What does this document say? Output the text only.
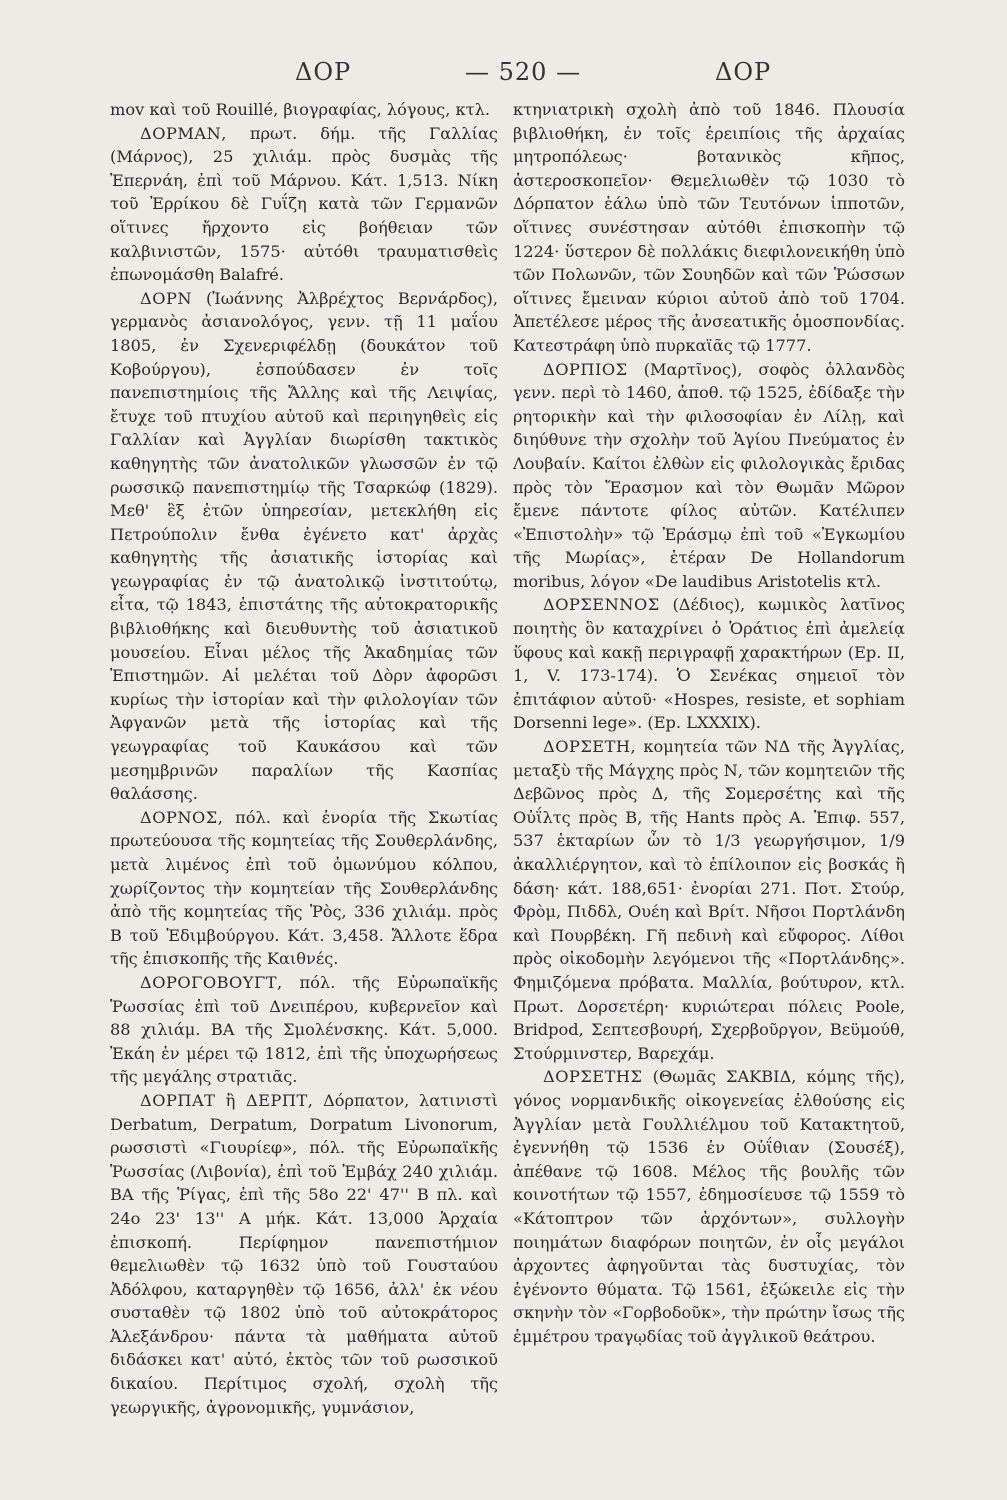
ΔΟΡ	— 520 —	ΔΟΡ

mov καὶ τοῦ Rouillé, βιογραφίας, λόγους, κτλ.

ΔΟΡΜΑΝ, πρωτ. δήμ. τῆς Γαλλίας (Μάρνος), 25 χιλιάμ. πρὸς δυσμὰς τῆς Ἐπερνάη, ἐπὶ τοῦ Μάρνου. Κάτ. 1,513. Νίκη τοῦ Ἐρρίκου δὲ Γυΐζη κατὰ τῶν Γερμανῶν οἵτινες ἤρχοντο εἰς βοήθειαν τῶν καλβινιστῶν, 1575· αὐτόθι τραυματισθεὶς ἐπωνομάσθη Balafré.

ΔΟΡΝ (Ἰωάννης Ἀλβρέχτος Βερνάρδος), γερμανὸς ἀσιανολόγος, γενν. τῇ 11 μαΐου 1805, ἐν Σχενεριφέλδῃ (δουκάτον τοῦ Κοβούργου), ἐσπούδασεν ἐν τοῖς πανεπιστημίοις τῆς Ἄλλης καὶ τῆς Λειψίας, ἔτυχε τοῦ πτυχίου αὐτοῦ καὶ περιηγηθεὶς εἰς Γαλλίαν καὶ Ἀγγλίαν διωρίσθη τακτικὸς καθηγητὴς τῶν ἀνατολικῶν γλωσσῶν ἐν τῷ ρωσσικῷ πανεπιστημίῳ τῆς Τσαρκώφ (1829). Μεθ' ἓξ ἐτῶν ὑπηρεσίαν, μετεκλήθη εἰς Πετρούπολιν ἔνθα ἐγένετο κατ' ἀρχὰς καθηγητὴς τῆς ἀσιατικῆς ἱστορίας καὶ γεωγραφίας ἐν τῷ ἀνατολικῷ ἰνστιτούτῳ, εἶτα, τῷ 1843, ἐπιστάτης τῆς αὐτοκρατορικῆς βιβλιοθήκης καὶ διευθυντὴς τοῦ ἀσιατικοῦ μουσείου. Εἶναι μέλος τῆς Ἀκαδημίας τῶν Ἐπιστημῶν. Αἱ μελέται τοῦ Δὸρν ἀφορῶσι κυρίως τὴν ἱστορίαν καὶ τὴν φιλολογίαν τῶν Ἀφγανῶν μετὰ τῆς ἱστορίας καὶ τῆς γεωγραφίας τοῦ Καυκάσου καὶ τῶν μεσημβρινῶν παραλίων τῆς Κασπίας θαλάσσης.

ΔΟΡΝΟΣ, πόλ. καὶ ἐνορία τῆς Σκωτίας πρωτεύουσα τῆς κομητείας τῆς Σουθερλάνδης, μετὰ λιμένος ἐπὶ τοῦ ὁμωνύμου κόλπου, χωρίζοντος τὴν κομητείαν τῆς Σουθερλάνδης ἀπὸ τῆς κομητείας τῆς Ῥὸς, 336 χιλιάμ. πρὸς Β τοῦ Ἐδιμβούργου. Κάτ. 3,458. Ἄλλοτε ἕδρα τῆς ἐπισκοπῆς τῆς Καιθνές.

ΔΟΡΟΓΟΒΟΥΓΤ, πόλ. τῆς Εὐρωπαϊκῆς Ῥωσσίας ἐπὶ τοῦ Δνειπέρου, κυβερνεῖον καὶ 88 χιλιάμ. ΒΑ τῆς Σμολένσκης. Κάτ. 5,000. Ἐκάη ἐν μέρει τῷ 1812, ἐπὶ τῆς ὑποχωρήσεως τῆς μεγάλης στρατιᾶς.

ΔΟΡΠΑΤ ἢ ΔΕΡΠΤ, Δόρπατον, λατινιστὶ Derbatum, Derpatum, Dorpatum Livonorum, ρωσσιστὶ «Γιουρίεφ», πόλ. τῆς Εὐρωπαϊκῆς Ῥωσσίας (Λιβονία), ἐπὶ τοῦ Ἐμβάχ 240 χιλιάμ. ΒΑ τῆς Ῥίγας, ἐπὶ τῆς 58ο 22' 47'' Β πλ. καὶ 24ο 23' 13'' Α μήκ. Κάτ. 13,000 Ἀρχαία ἐπισκοπή. Περίφημον πανεπιστήμιον θεμελιωθὲν τῷ 1632 ὑπὸ τοῦ Γουσταύου Ἀδόλφου, καταργηθὲν τῷ 1656, ἀλλ' ἐκ νέου συσταθὲν τῷ 1802 ὑπὸ τοῦ αὐτοκράτορος Ἀλεξάνδρου· πάντα τὰ μαθήματα αὐτοῦ διδάσκει κατ' αὐτό, ἐκτὸς τῶν τοῦ ρωσσικοῦ δικαίου. Περίτιμος σχολή, σχολὴ τῆς γεωργικῆς, ἀγρονομικῆς, γυμνάσιον,

κτηνιατρικὴ σχολὴ ἀπὸ τοῦ 1846. Πλουσία βιβλιοθήκη, ἐν τοῖς ἐρειπίοις τῆς ἀρχαίας μητροπόλεως· βοτανικὸς κῆπος, ἀστεροσκοπεῖον· Θεμελιωθὲν τῷ 1030 τὸ Δόρπατον ἑάλω ὑπὸ τῶν Τευτόνων ἱπποτῶν, οἵτινες συνέστησαν αὐτόθι ἐπισκοπὴν τῷ 1224· ὕστερον δὲ πολλάκις διεφιλονεικήθη ὑπὸ τῶν Πολωνῶν, τῶν Σουηδῶν καὶ τῶν Ῥώσσων οἵτινες ἔμειναν κύριοι αὐτοῦ ἀπὸ τοῦ 1704. Ἀπετέλεσε μέρος τῆς ἀνσεατικῆς ὁμοσπονδίας. Κατεστράφη ὑπὸ πυρκαϊᾶς τῷ 1777.

ΔΟΡΠΙΟΣ (Μαρτῖνος), σοφὸς ὁλλανδὸς γενν. περὶ τὸ 1460, ἀποθ. τῷ 1525, ἐδίδαξε τὴν ρητορικὴν καὶ τὴν φιλοσοφίαν ἐν Λίλῃ, καὶ διηύθυνε τὴν σχολὴν τοῦ Ἁγίου Πνεύματος ἐν Λουβαίν. Καίτοι ἐλθὼν εἰς φιλολογικὰς ἔριδας πρὸς τὸν Ἔρασμον καὶ τὸν Θωμᾶν Μῶρον ἔμενε πάντοτε φίλος αὐτῶν. Κατέλιπεν «Ἐπιστολὴν» τῷ Ἐράσμῳ ἐπὶ τοῦ «Ἐγκωμίου τῆς Μωρίας», ἑτέραν De Hollandorum moribus, λόγον «De laudibus Aristotelis κτλ.

ΔΟΡΣΕΝΝΟΣ (Δέδιος), κωμικὸς λατῖνος ποιητὴς ὃν καταχρίνει ὁ Ὁράτιος ἐπὶ ἀμελείᾳ ὕφους καὶ κακῇ περιγραφῇ χαρακτήρων (Ep. II, 1, V. 173-174). Ὁ Σενέκας σημειοῖ τὸν ἐπιτάφιον αὐτοῦ· «Hospes, resiste, et sophiam Dorsenni lege». (Ep. LXXXIX).

ΔΟΡΣΕΤΗ, κομητεία τῶν ΝΔ τῆς Ἀγγλίας, μεταξὺ τῆς Μάγχης πρὸς Ν, τῶν κομητειῶν τῆς Δεβῶνος πρὸς Δ, τῆς Σομερσέτης καὶ τῆς Οὐΐλτς πρὸς Β, τῆς Hants πρὸς Α. Ἐπιφ. 557, 537 ἑκταρίων ὧν τὸ 1/3 γεωργήσιμον, 1/9 ἀκαλλιέργητον, καὶ τὸ ἐπίλοιπον εἰς βοσκάς ἢ δάση· κάτ. 188,651· ἐνορίαι 271. Ποτ. Στούρ, Φρὸμ, Πιδδλ, Ουέη καὶ Βρίτ. Νῆσοι Πορτλάνδη καὶ Πουρβέκη. Γῆ πεδινὴ καὶ εὔφορος. Λίθοι πρὸς οἰκοδομὴν λεγόμενοι τῆς «Πορτλάνδης». Φημιζόμενα πρόβατα. Μαλλία, βούτυρον, κτλ. Πρωτ. Δορσετέρη· κυριώτεραι πόλεις Poole, Bridpod, Σεπτεσβουρή, Σχερβοῦργον, Βεϋμούθ, Στούρμινστερ, Βαρεχάμ.

ΔΟΡΣΕΤΗΣ (Θωμᾶς ΣΑΚΒΙΔ, κόμης τῆς), γόνος νορμανδικῆς οἰκογενείας ἐλθούσης εἰς Ἀγγλίαν μετὰ Γουλλιέλμου τοῦ Κατακτητοῦ, ἐγεννήθη τῷ 1536 ἐν Οὐΐθιαν (Σουσέξ), ἀπέθανε τῷ 1608. Μέλος τῆς βουλῆς τῶν κοινοτήτων τῷ 1557, ἐδημοσίευσε τῷ 1559 τὸ «Κάτοπτρον τῶν ἀρχόντων», συλλογὴν ποιημάτων διαφόρων ποιητῶν, ἐν οἷς μεγάλοι ἀρχοντες ἀφηγοῦνται τὰς δυστυχίας, τὸν ἐγένοντο θύματα. Τῷ 1561, ἐξώκειλε εἰς τὴν σκηνὴν τὸν «Γορβοδοῦκ», τὴν πρώτην ἴσως τῆς ἐμμέτρου τραγῳδίας τοῦ ἀγγλικοῦ θεάτρου.
